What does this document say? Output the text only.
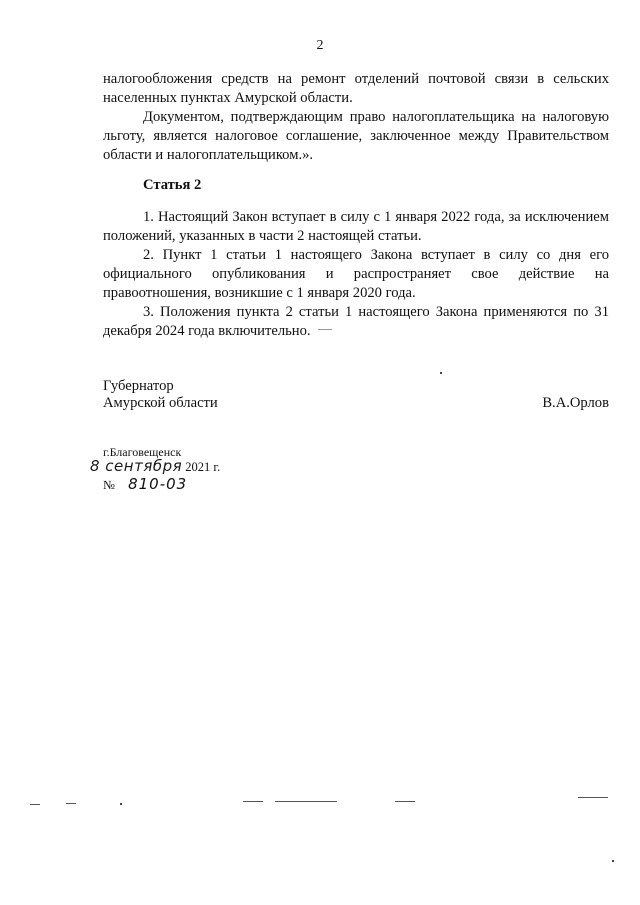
2

налогообложения средств на ремонт отделений почтовой связи в сельских населенных пунктах Амурской области.

Документом, подтверждающим право налогоплательщика на налоговую льготу, является налоговое соглашение, заключенное между Правительством области и налогоплательщиком.».

Статья 2

1. Настоящий Закон вступает в силу с 1 января 2022 года, за исключением положений, указанных в части 2 настоящей статьи.

2. Пункт 1 статьи 1 настоящего Закона вступает в силу со дня его официального опубликования и распространяет свое действие на правоотношения, возникшие с 1 января 2020 года.

3. Положения пункта 2 статьи 1 настоящего Закона применяются по 31 декабря 2024 года включительно.

Губернатор
Амурской области	В.А.Орлов
г.Благовещенск
8 сентября 2021 г.
№ 810-03
